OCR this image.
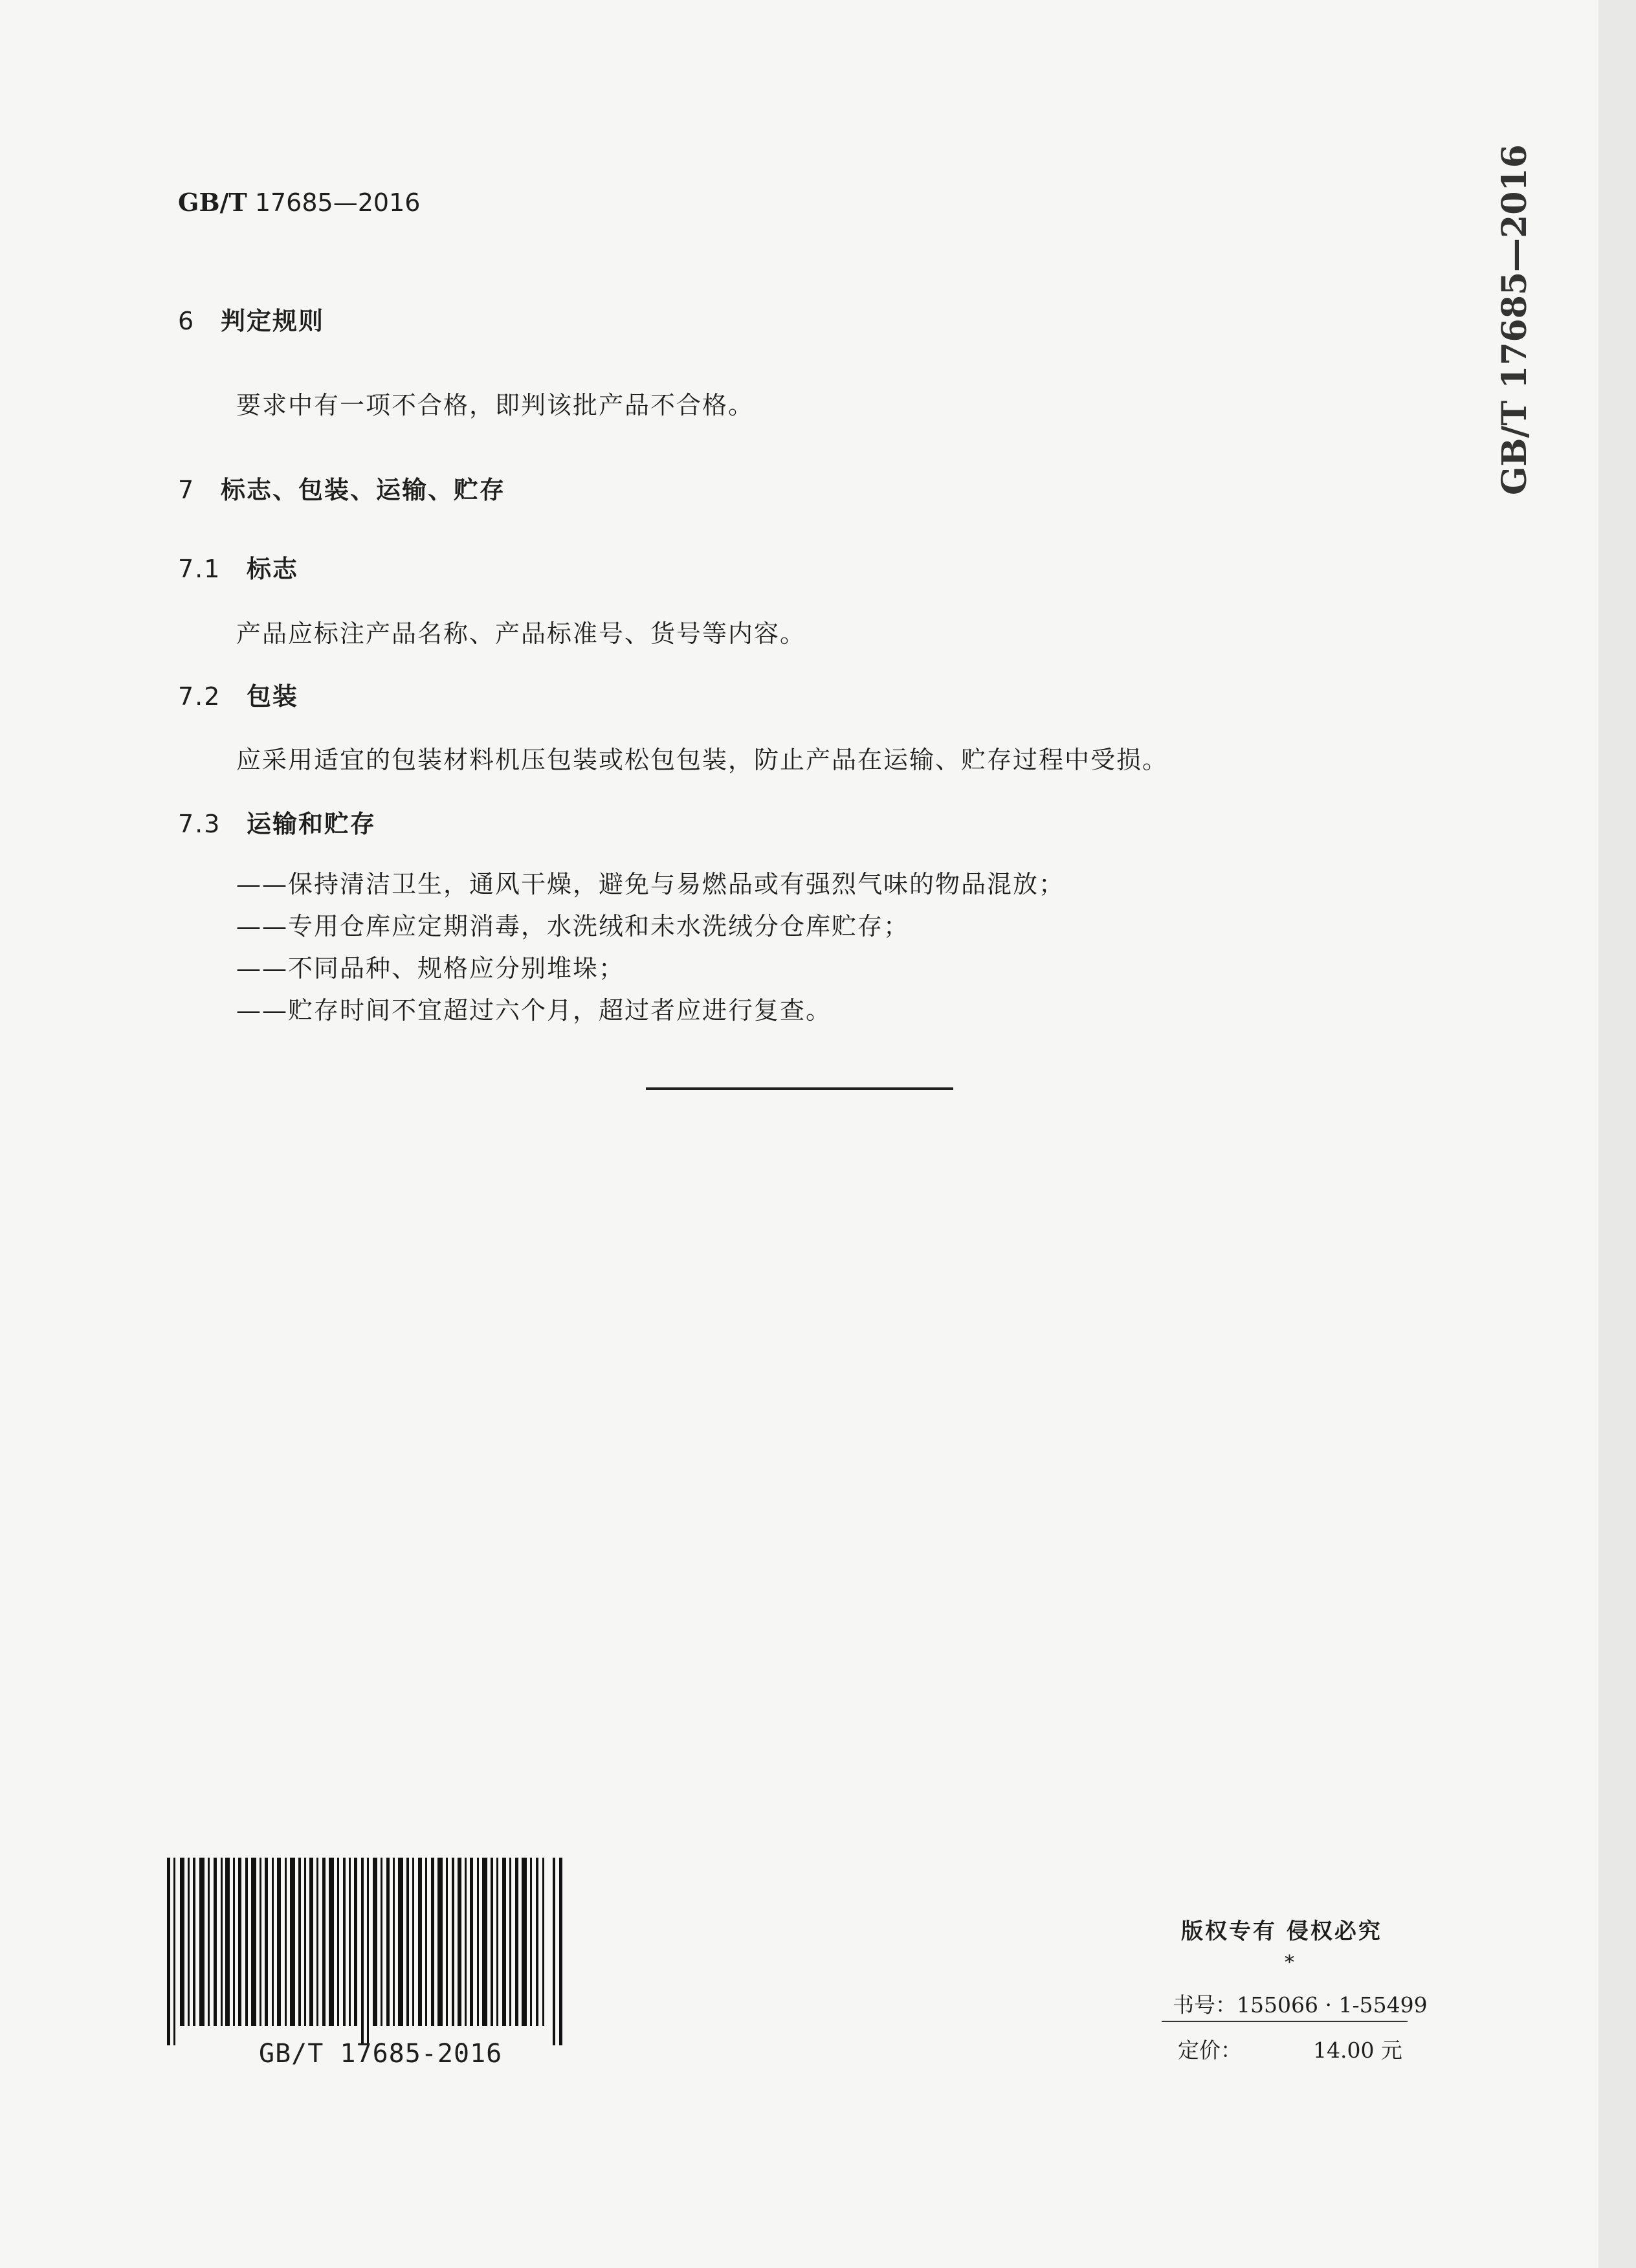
GB/T 17685—2016	GB/T 17685—2016
6 判定规则
要求中有一项不合格，即判该批产品不合格。
7 标志、包装、运输、贮存
7.1 标志
产品应标注产品名称、产品标准号、货号等内容。
7.2 包装
应采用适宜的包装材料机压包装或松包包装，防止产品在运输、贮存过程中受损。
7.3 运输和贮存
——保持清洁卫生，通风干燥，避免与易燃品或有强烈气味的物品混放；
——专用仓库应定期消毒，水洗绒和未水洗绒分仓库贮存；
——不同品种、规格应分别堆垛；
——贮存时间不宜超过六个月，超过者应进行复查。
GB/T 17685-2016
版权专有 侵权必究
*
书号：155066 · 1-55499
定价：	14.00 元
